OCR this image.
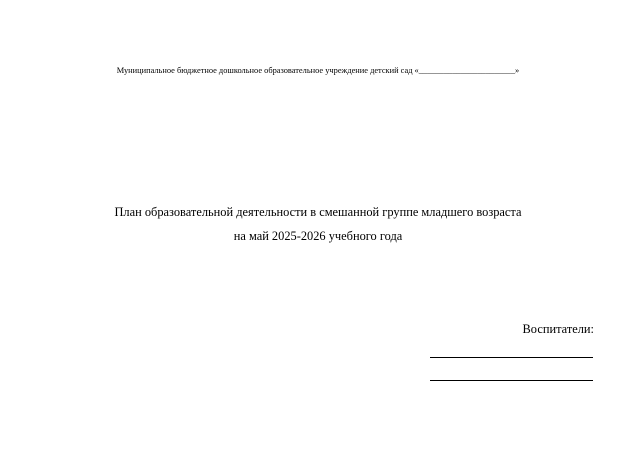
Муниципальное бюджетное дошкольное образовательное учреждение детский сад «_______________________»
План образовательной деятельности в смешанной группе младшего возраста
на май 2025-2026 учебного года
Воспитатели:
